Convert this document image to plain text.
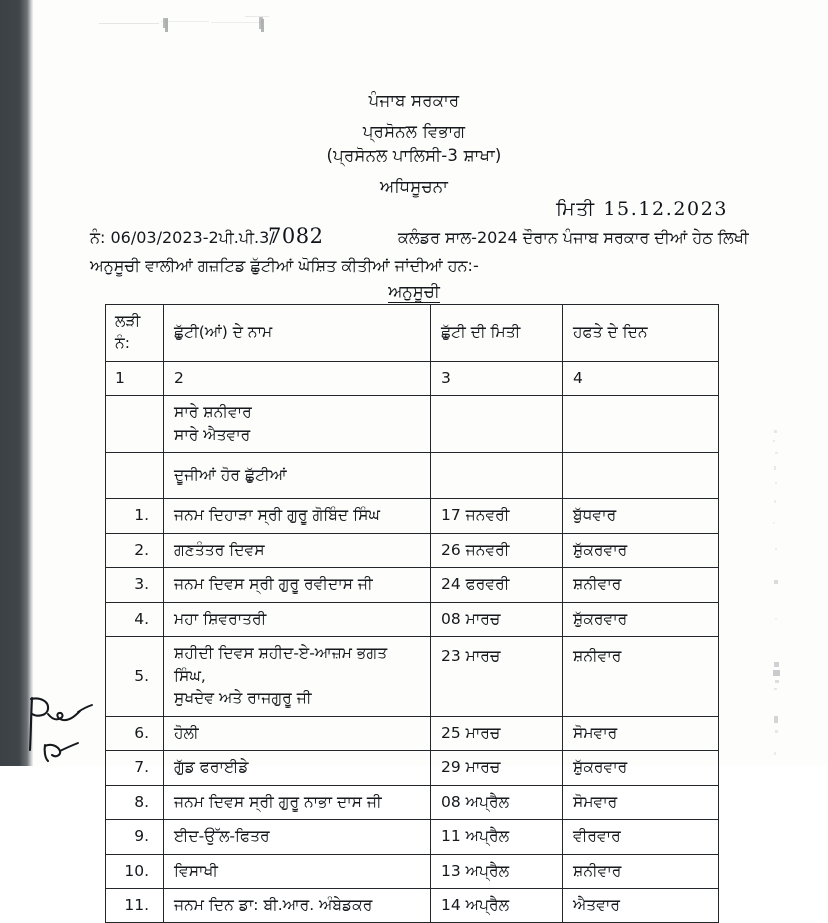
ਪੰਜਾਬ ਸਰਕਾਰ
ਪ੍ਰਸੋਨਲ ਵਿਭਾਗ
(ਪ੍ਰਸੋਨਲ ਪਾਲਿਸੀ-3 ਸ਼ਾਖਾ)
ਅਧਿਸੂਚਨਾ
ਮਿਤੀ 15.12.2023
ਨੰ: 06/03/2023-2ਪੀ.ਪੀ.3/
7082	ਕਲੰਡਰ ਸਾਲ-2024 ਦੌਰਾਨ ਪੰਜਾਬ ਸਰਕਾਰ ਦੀਆਂ ਹੇਠ ਲਿਖੀ
ਅਨੁਸੂਚੀ ਵਾਲੀਆਂ ਗਜ਼ਟਿਡ ਛੁੱਟੀਆਂ ਘੋਸ਼ਿਤ ਕੀਤੀਆਂ ਜਾਂਦੀਆਂ ਹਨ:-
ਅਨੁਸੂਚੀ
ਲੜੀ ਨੰ:	ਛੁੱਟੀ(ਆਂ) ਦੇ ਨਾਮ	ਛੁੱਟੀ ਦੀ ਮਿਤੀ	ਹਫਤੇ ਦੇ ਦਿਨ
1	2	3	4

	ਸਾਰੇ ਸ਼ਨੀਵਾਰ
ਸਾਰੇ ਐਤਵਾਰ		

	ਦੂਜੀਆਂ ਹੋਰ ਛੁੱਟੀਆਂ		
1.	ਜਨਮ ਦਿਹਾੜਾ ਸ੍ਰੀ ਗੁਰੂ ਗੋਬਿੰਦ ਸਿੰਘ	17 ਜਨਵਰੀ	ਬੁੱਧਵਾਰ
2.	ਗਣਤੰਤਰ ਦਿਵਸ	26 ਜਨਵਰੀ	ਸ਼ੁੱਕਰਵਾਰ
3.	ਜਨਮ ਦਿਵਸ ਸ੍ਰੀ ਗੁਰੂ ਰਵੀਦਾਸ ਜੀ	24 ਫਰਵਰੀ	ਸ਼ਨੀਵਾਰ
4.	ਮਹਾ ਸ਼ਿਵਰਾਤਰੀ	08 ਮਾਰਚ	ਸ਼ੁੱਕਰਵਾਰ
5.	ਸ਼ਹੀਦੀ ਦਿਵਸ ਸ਼ਹੀਦ-ਏ-ਆਜ਼ਮ ਭਗਤ ਸਿੰਘ,
ਸੁਖਦੇਵ ਅਤੇ ਰਾਜਗੁਰੂ ਜੀ	23 ਮਾਰਚ	ਸ਼ਨੀਵਾਰ
6.	ਹੋਲੀ	25 ਮਾਰਚ	ਸੋਮਵਾਰ
7.	ਗੁੱਡ ਫਰਾਈਡੇ	29 ਮਾਰਚ	ਸ਼ੁੱਕਰਵਾਰ
8.	ਜਨਮ ਦਿਵਸ ਸ੍ਰੀ ਗੁਰੂ ਨਾਭਾ ਦਾਸ ਜੀ	08 ਅਪ੍ਰੈਲ	ਸੋਮਵਾਰ
9.	ਈਦ-ਉੱਲ-ਫਿਤਰ	11 ਅਪ੍ਰੈਲ	ਵੀਰਵਾਰ
10.	ਵਿਸਾਖੀ	13 ਅਪ੍ਰੈਲ	ਸ਼ਨੀਵਾਰ
11.	ਜਨਮ ਦਿਨ ਡਾ: ਬੀ.ਆਰ. ਅੰਬੇਡਕਰ	14 ਅਪ੍ਰੈਲ	ਐਤਵਾਰ
